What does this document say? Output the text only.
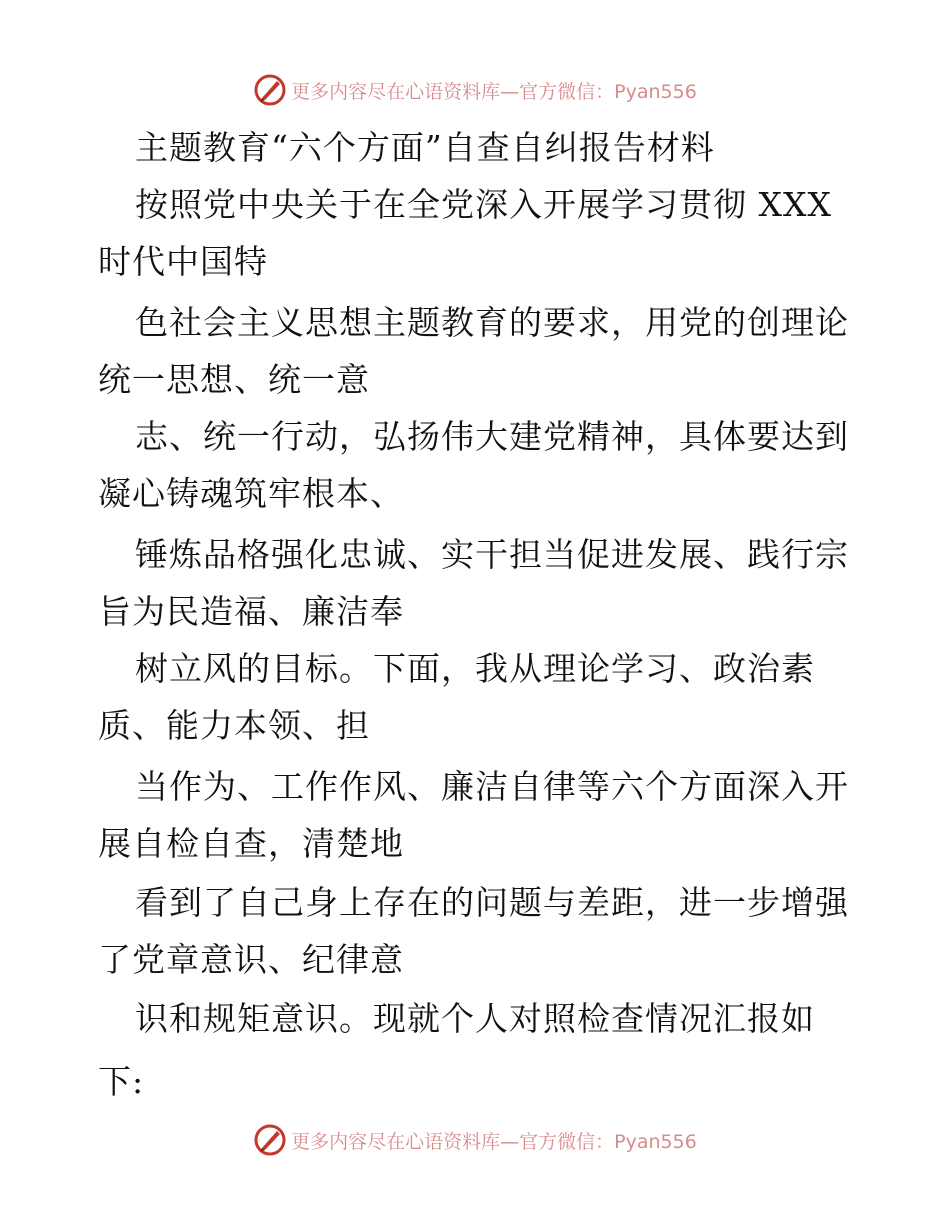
更多内容尽在心语资料库—官方微信：Pyan556
主题教育“六个方面”自查自纠报告材料
按照党中央关于在全党深入开展学习贯彻 XXX
时代中国特
色社会主义思想主题教育的要求，用党的创理论
统一思想、统一意
志、统一行动，弘扬伟大建党精神，具体要达到
凝心铸魂筑牢根本、
锤炼品格强化忠诚、实干担当促进发展、践行宗
旨为民造福、廉洁奉
树立风的目标。下面，我从理论学习、政治素
质、能力本领、担
当作为、工作作风、廉洁自律等六个方面深入开
展自检自查，清楚地
看到了自己身上存在的问题与差距，进一步增强
了党章意识、纪律意
识和规矩意识。现就个人对照检查情况汇报如
下:
更多内容尽在心语资料库—官方微信：Pyan556
